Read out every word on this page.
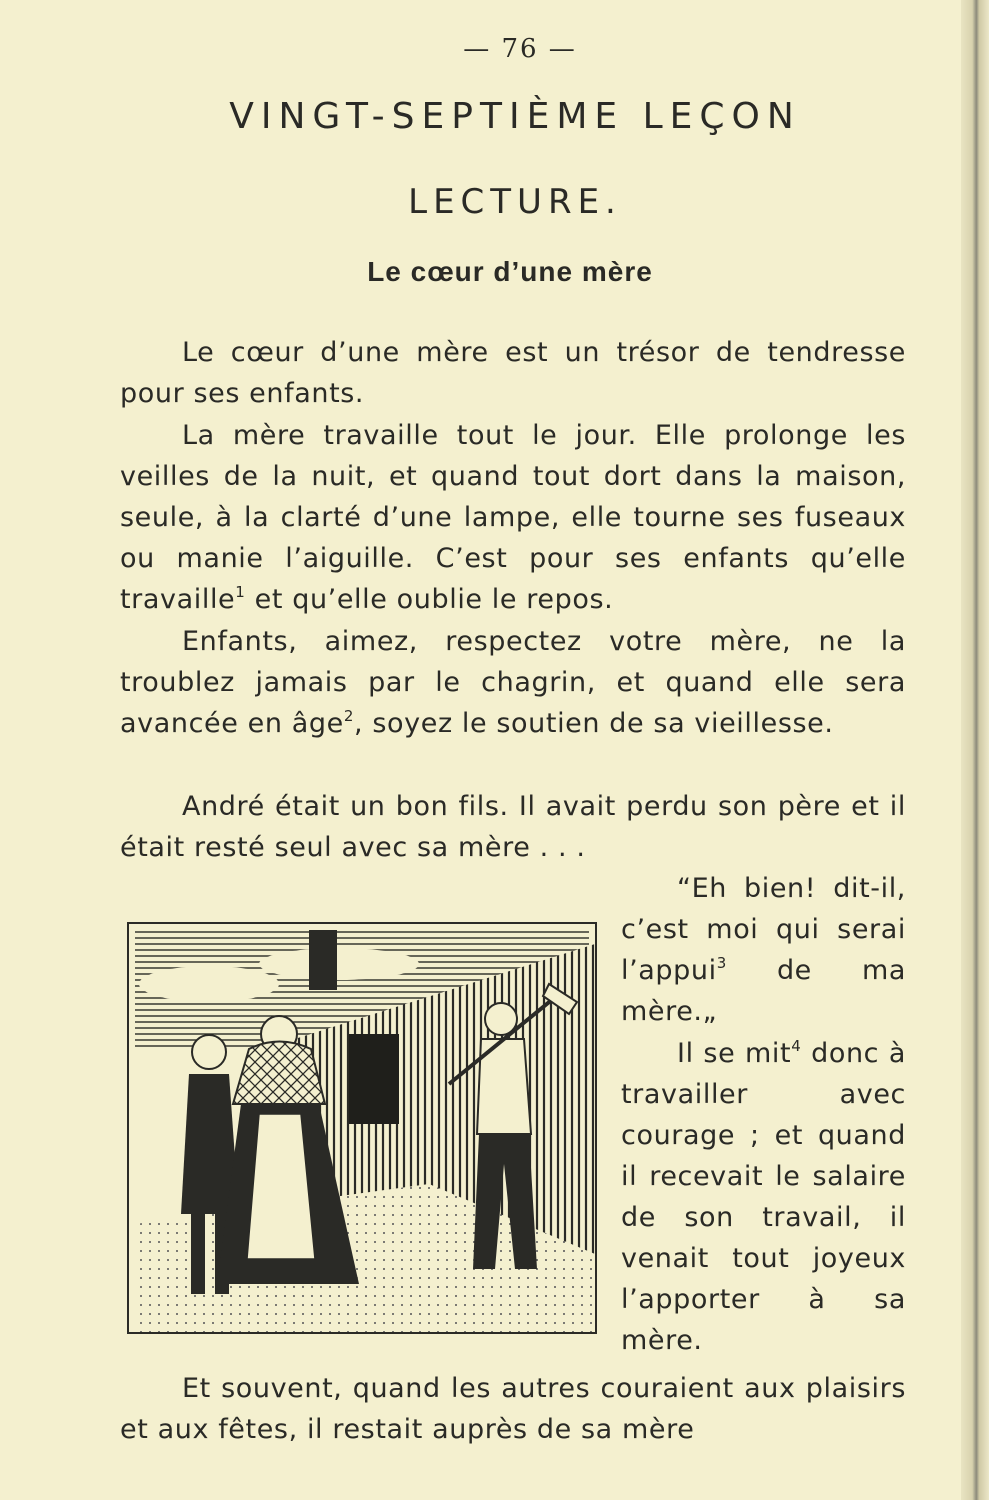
— 76 —
VINGT-SEPTIÈME LEÇON
LECTURE.
Le cœur d’une mère

Le cœur d’une mère est un trésor de tendresse pour ses enfants.

La mère travaille tout le jour. Elle prolonge les veilles de la nuit, et quand tout dort dans la maison, seule, à la clarté d’une lampe, elle tourne ses fuseaux ou manie l’aiguille. C’est pour ses enfants qu’elle travaille$^1$ et qu’elle oublie le repos.

Enfants, aimez, respectez votre mère, ne la troublez jamais par le chagrin, et quand elle sera avancée en âge$^2$, soyez le soutien de sa vieillesse.

André était un bon fils. Il avait perdu son père et il était resté seul avec sa mère . . .

“Eh bien! dit-il, c’est moi qui serai l’appui$^3$ de ma mère.„

Il se mit$^4$ donc à travailler avec courage ; et quand il recevait le salaire de son travail, il venait tout joyeux l’apporter à sa mère.

Et souvent, quand les autres couraient aux plaisirs et aux fêtes, il restait auprès de sa mère
